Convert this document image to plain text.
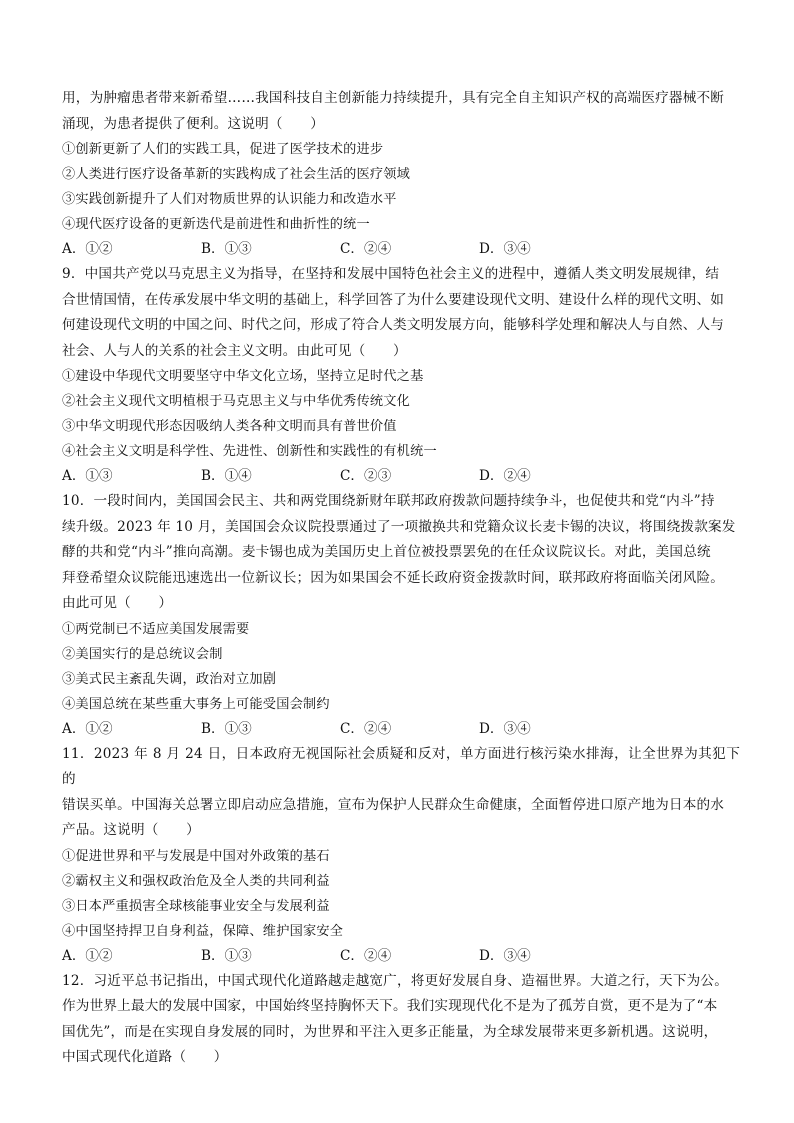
用，为肿瘤患者带来新希望……我国科技自主创新能力持续提升，具有完全自主知识产权的高端医疗器械不断

涌现，为患者提供了便利。这说明（　　）

①创新更新了人们的实践工具，促进了医学技术的进步

②人类进行医疗设备革新的实践构成了社会生活的医疗领域

③实践创新提升了人们对物质世界的认识能力和改造水平

④现代医疗设备的更新迭代是前进性和曲折性的统一

A．①②	B．①③	C．②④	D．③④

9．中国共产党以马克思主义为指导，在坚持和发展中国特色社会主义的进程中，遵循人类文明发展规律，结

合世情国情，在传承发展中华文明的基础上，科学回答了为什么要建设现代文明、建设什么样的现代文明、如

何建设现代文明的中国之问、时代之问，形成了符合人类文明发展方向，能够科学处理和解决人与自然、人与

社会、人与人的关系的社会主义文明。由此可见（　　）

①建设中华现代文明要坚守中华文化立场，坚持立足时代之基

②社会主义现代文明植根于马克思主义与中华优秀传统文化

③中华文明现代形态因吸纳人类各种文明而具有普世价值

④社会主义文明是科学性、先进性、创新性和实践性的有机统一

A．①③	B．①④	C．②③	D．②④

10．一段时间内，美国国会民主、共和两党围绕新财年联邦政府拨款问题持续争斗，也促使共和党“内斗”持

续升级。2023 年 10 月，美国国会众议院投票通过了一项撤换共和党籍众议长麦卡锡的决议，将围绕拨款案发

酵的共和党“内斗”推向高潮。麦卡锡也成为美国历史上首位被投票罢免的在任众议院议长。对此，美国总统

拜登希望众议院能迅速选出一位新议长；因为如果国会不延长政府资金拨款时间，联邦政府将面临关闭风险。

由此可见（　　）

①两党制已不适应美国发展需要

②美国实行的是总统议会制

③美式民主紊乱失调，政治对立加剧

④美国总统在某些重大事务上可能受国会制约

A．①②	B．①③	C．②④	D．③④

11．2023 年 8 月 24 日，日本政府无视国际社会质疑和反对，单方面进行核污染水排海，让全世界为其犯下的

错误买单。中国海关总署立即启动应急措施，宣布为保护人民群众生命健康，全面暂停进口原产地为日本的水

产品。这说明（　　）

①促进世界和平与发展是中国对外政策的基石

②霸权主义和强权政治危及全人类的共同利益

③日本严重损害全球核能事业安全与发展利益

④中国坚持捍卫自身利益，保障、维护国家安全

A．①②	B．①③	C．②④	D．③④

12．习近平总书记指出，中国式现代化道路越走越宽广，将更好发展自身、造福世界。大道之行，天下为公。

作为世界上最大的发展中国家，中国始终坚持胸怀天下。我们实现现代化不是为了孤芳自赏，更不是为了“本

国优先”，而是在实现自身发展的同时，为世界和平注入更多正能量，为全球发展带来更多新机遇。这说明，

中国式现代化道路（　　）
